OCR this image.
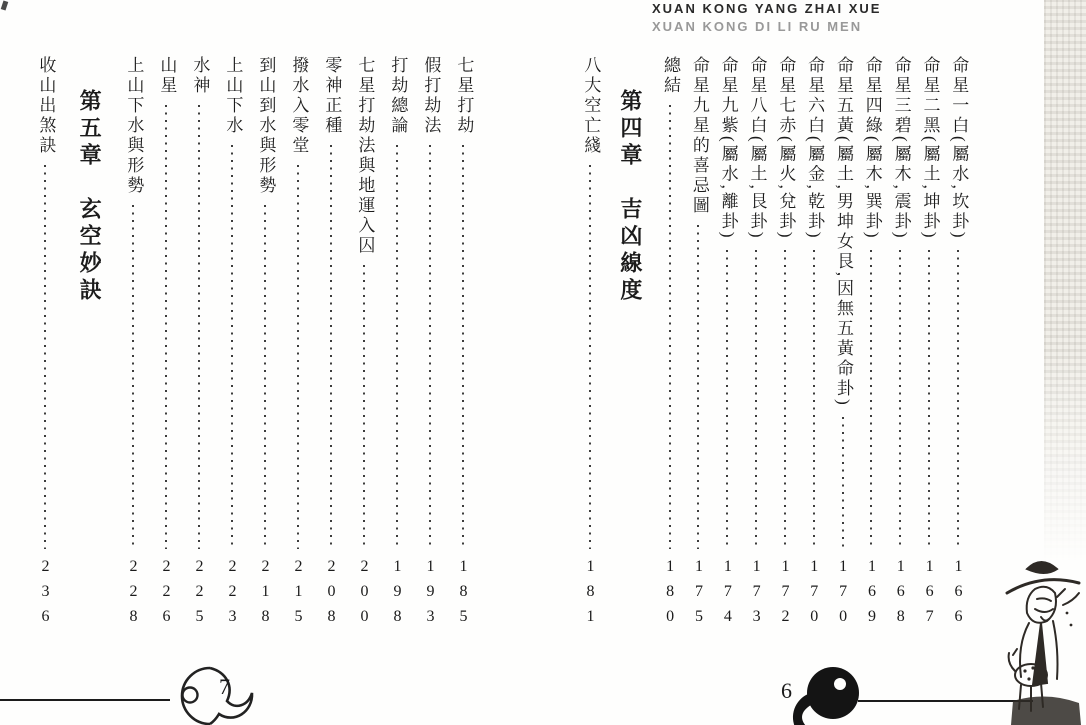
七星打劫
185
假打劫法
193
打劫總論
198
七星打劫法與地運入囚
200
零神正種
208
撥水入零堂
215
到山到水與形勢
218
上山下水
223
水神
225
山星
226
上山下水與形勢
228
第五章　玄空妙訣
收山出煞訣
236
7
XUAN KONG YANG ZHAI XUEXUAN KONG DI LI RU MEN
命星一白(屬水,坎卦)
166
命星二黑(屬土,坤卦)
167
命星三碧(屬木,震卦)
168
命星四綠(屬木,巽卦)
169
命星五黃(屬土,男坤女艮,因無五黃命卦)
170
命星六白(屬金,乾卦)
170
命星七赤(屬火,兌卦)
172
命星八白(屬土,艮卦)
173
命星九紫(屬水,離卦)
174
命星九星的喜忌圖
175
總結
180
第四章　吉凶線度
八大空亡綫
181
6
